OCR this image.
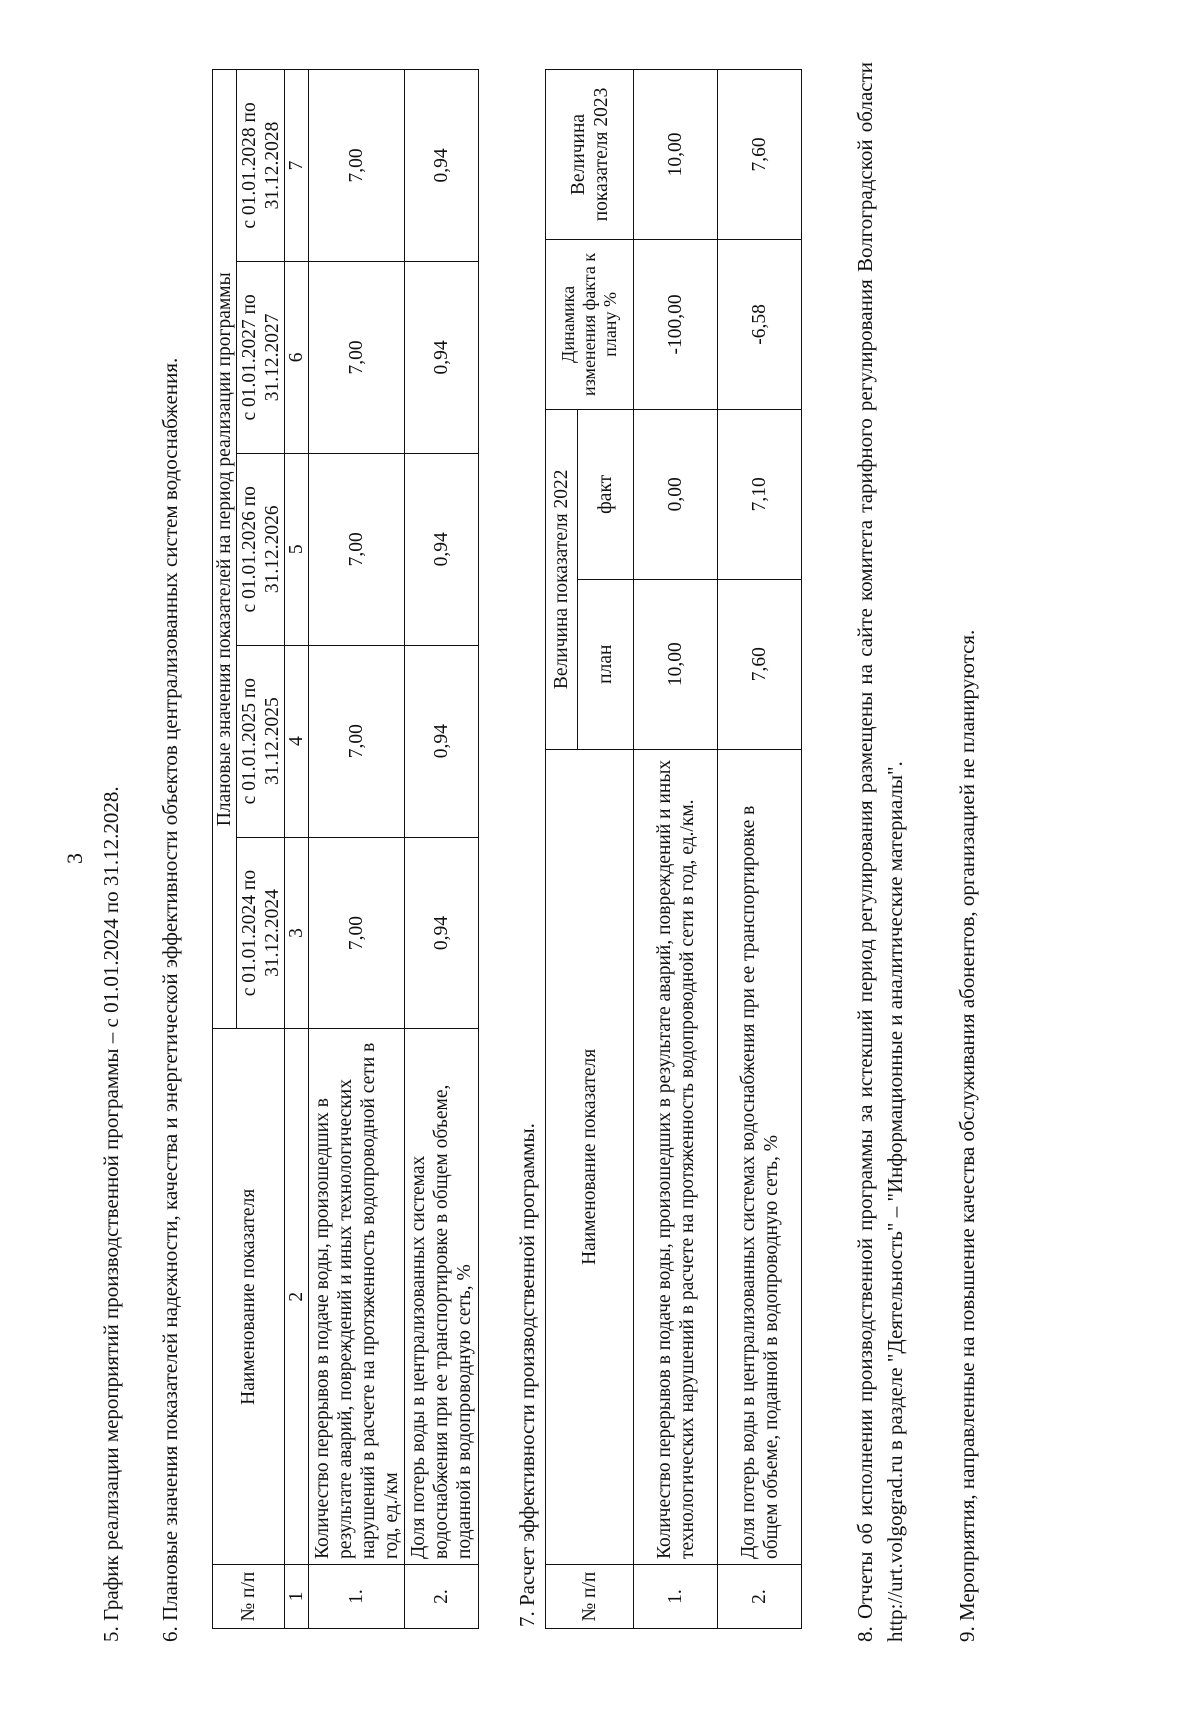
3 5. График реализации мероприятий производственной программы – с 01.01.2024 по 31.12.2028. 6. Плановые значения показателей надежности, качества и энергетической эффективности объектов централизованных систем водоснабжения.	№ п/п	Наименование показателя	Плановые значения показателей на период реализации программы				
		с 01.01.2024 по 31.12.2024	с 01.01.2025 по 31.12.2025	с 01.01.2026 по 31.12.2026	с 01.01.2027 по 31.12.2027	с 01.01.2028 по 31.12.2028
1	2	3	4	5	6	7
1.	Количество перерывов в подаче воды, произошедших в результате аварий, повреждений и иных технологических нарушений в расчете на протяженность водопроводной сети в год, ед./км	7,00	7,00	7,00	7,00	7,00
2.	Доля потерь воды в централизованных системах водоснабжения при ее транспортировке в общем объеме, поданной в водопроводную сеть, %	0,94	0,94	0,94	0,94	0,94
7. Расчет эффективности производственной программы. № п/п	Наименование показателя	Величина показателя 2022		Динамика изменения факта к плану %	Величина показателя 2023
		план	факт		
1.	Количество перерывов в подаче воды, произошедших в результате аварий, повреждений и иных технологических нарушений в расчете на протяженность водопроводной сети в год, ед./км.	10,00	0,00	-100,00	10,00
2.	Доля потерь воды в централизованных системах водоснабжения при ее транспортировке в общем объеме, поданной в водопроводную сеть, %	7,60	7,10	-6,58	7,60	8. Отчеты об исполнении производственной программы за истекший период регулирования размещены на сайте комитета тарифного регулирования Волгоградской области http://urt.volgograd.ru в разделе "Деятельность" – "Информационные и аналитические материалы". 9. Мероприятия, направленные на повышение качества обслуживания абонентов, организацией не планируются.
